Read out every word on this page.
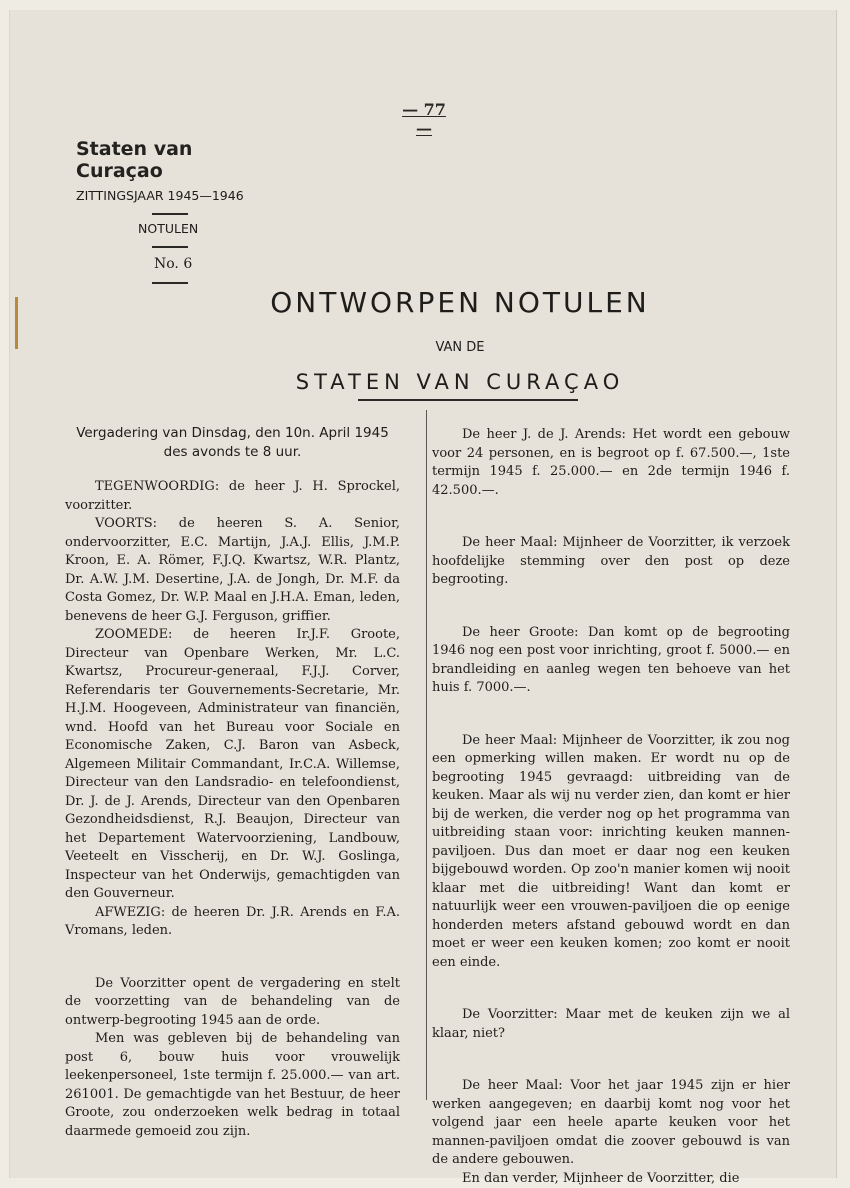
— 77 —
Staten van Curaçao
ZITTINGSJAAR 1945—1946
NOTULEN
No. 6
ONTWORPEN NOTULEN
VAN DE
STATEN VAN CURAÇAO
Vergadering van Dinsdag, den 10n. April 1945
des avonds te 8 uur.

TEGENWOORDIG: de heer J. H. Sprockel, voorzitter.

VOORTS: de heeren S. A. Senior, ondervoorzitter, E.C. Martijn, J.A.J. Ellis, J.M.P. Kroon, E. A. Römer, F.J.Q. Kwartsz, W.R. Plantz, Dr. A.W. J.M. Desertine, J.A. de Jongh, Dr. M.F. da Costa Gomez, Dr. W.P. Maal en J.H.A. Eman, leden, benevens de heer G.J. Ferguson, griffier.

ZOOMEDE: de heeren Ir.J.F. Groote, Directeur van Openbare Werken, Mr. L.C. Kwartsz, Procureur-generaal, F.J.J. Corver, Referendaris ter Gouvernements-Secretarie, Mr. H.J.M. Hoogeveen, Administrateur van financiën, wnd. Hoofd van het Bureau voor Sociale en Economische Zaken, C.J. Baron van Asbeck, Algemeen Militair Commandant, Ir.C.A. Willemse, Directeur van den Landsradio- en telefoondienst, Dr. J. de J. Arends, Directeur van den Openbaren Gezondheidsdienst, R.J. Beaujon, Directeur van het Departement Watervoorziening, Landbouw, Veeteelt en Visscherij, en Dr. W.J. Goslinga, Inspecteur van het Onderwijs, gemachtigden van den Gouverneur.

AFWEZIG: de heeren Dr. J.R. Arends en F.A. Vromans, leden.

De Voorzitter opent de vergadering en stelt de voorzetting van de behandeling van de ontwerp-begrooting 1945 aan de orde.

Men was gebleven bij de behandeling van post 6, bouw huis voor vrouwelijk leekenpersoneel, 1ste termijn f. 25.000.— van art. 261001. De gemachtigde van het Bestuur, de heer Groote, zou onderzoeken welk bedrag in totaal daarmede gemoeid zou zijn.

De heer J. de J. Arends: Het wordt een gebouw voor 24 personen, en is begroot op f. 67.500.—, 1ste termijn 1945 f. 25.000.— en 2de termijn 1946 f. 42.500.—.

De heer Maal: Mijnheer de Voorzitter, ik verzoek hoofdelijke stemming over den post op deze begrooting.

De heer Groote: Dan komt op de begrooting 1946 nog een post voor inrichting, groot f. 5000.— en brandleiding en aanleg wegen ten behoeve van het huis f. 7000.—.

De heer Maal: Mijnheer de Voorzitter, ik zou nog een opmerking willen maken. Er wordt nu op de begrooting 1945 gevraagd: uitbreiding van de keuken. Maar als wij nu verder zien, dan komt er hier bij de werken, die verder nog op het programma van uitbreiding staan voor: inrichting keuken mannen-paviljoen. Dus dan moet er daar nog een keuken bijgebouwd worden. Op zoo'n manier komen wij nooit klaar met die uitbreiding! Want dan komt er natuurlijk weer een vrouwen-paviljoen die op eenige honderden meters afstand gebouwd wordt en dan moet er weer een keuken komen; zoo komt er nooit een einde.

De Voorzitter: Maar met de keuken zijn we al klaar, niet?

De heer Maal: Voor het jaar 1945 zijn er hier werken aangegeven; en daarbij komt nog voor het volgend jaar een heele aparte keuken voor het mannen-paviljoen omdat die zoover gebouwd is van de andere gebouwen.

En dan verder, Mijnheer de Voorzitter, die
